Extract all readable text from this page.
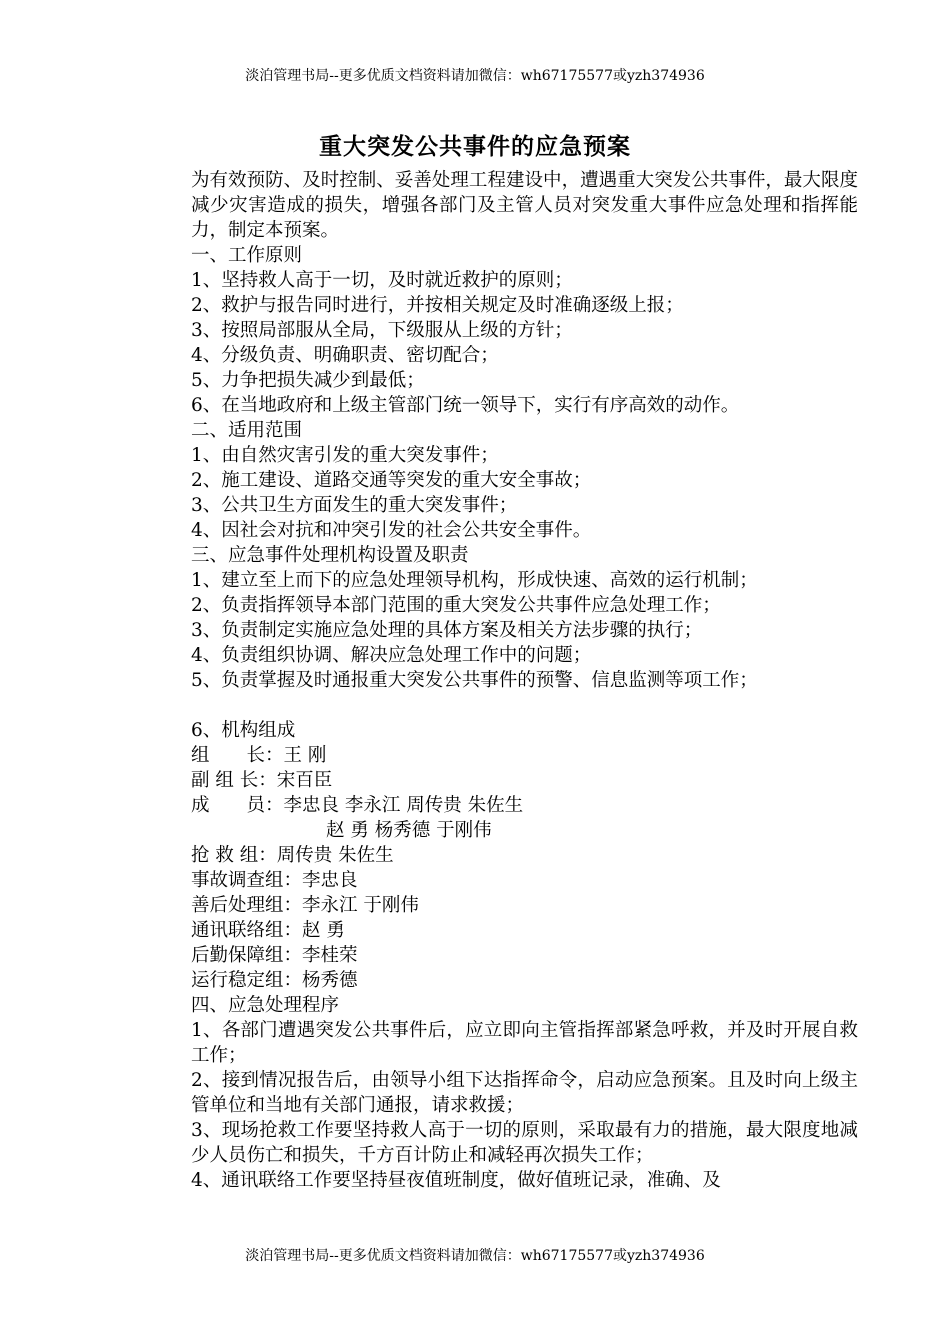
淡泊管理书局--更多优质文档资料请加微信：wh67175577或yzh374936
重大突发公共事件的应急预案

为有效预防、及时控制、妥善处理工程建设中，遭遇重大突发公共事件，最大限度减少灾害造成的损失，增强各部门及主管人员对突发重大事件应急处理和指挥能力，制定本预案。

一、工作原则

1、坚持救人高于一切，及时就近救护的原则；

2、救护与报告同时进行，并按相关规定及时准确逐级上报；

3、按照局部服从全局，下级服从上级的方针；

4、分级负责、明确职责、密切配合；

5、力争把损失减少到最低；

6、在当地政府和上级主管部门统一领导下，实行有序高效的动作。

二、适用范围

1、由自然灾害引发的重大突发事件；

2、施工建设、道路交通等突发的重大安全事故；

3、公共卫生方面发生的重大突发事件；

4、因社会对抗和冲突引发的社会公共安全事件。

三、应急事件处理机构设置及职责

1、建立至上而下的应急处理领导机构，形成快速、高效的运行机制；

2、负责指挥领导本部门范围的重大突发公共事件应急处理工作；

3、负责制定实施应急处理的具体方案及相关方法步骤的执行；

4、负责组织协调、解决应急处理工作中的问题；

5、负责掌握及时通报重大突发公共事件的预警、信息监测等项工作；

6、机构组成

组　　长：王 刚

副 组 长：宋百臣

成　　员：李忠良 李永江 周传贵 朱佐生

赵 勇 杨秀德 于刚伟

抢 救 组：周传贵 朱佐生

事故调查组：李忠良

善后处理组：李永江 于刚伟

通讯联络组：赵 勇

后勤保障组：李桂荣

运行稳定组：杨秀德

四、应急处理程序

1、各部门遭遇突发公共事件后，应立即向主管指挥部紧急呼救，并及时开展自救工作；

2、接到情况报告后，由领导小组下达指挥命令，启动应急预案。且及时向上级主管单位和当地有关部门通报，请求救援；

3、现场抢救工作要坚持救人高于一切的原则，采取最有力的措施，最大限度地减少人员伤亡和损失，千方百计防止和减轻再次损失工作；

4、通讯联络工作要坚持昼夜值班制度，做好值班记录，准确、及

淡泊管理书局--更多优质文档资料请加微信：wh67175577或yzh374936
